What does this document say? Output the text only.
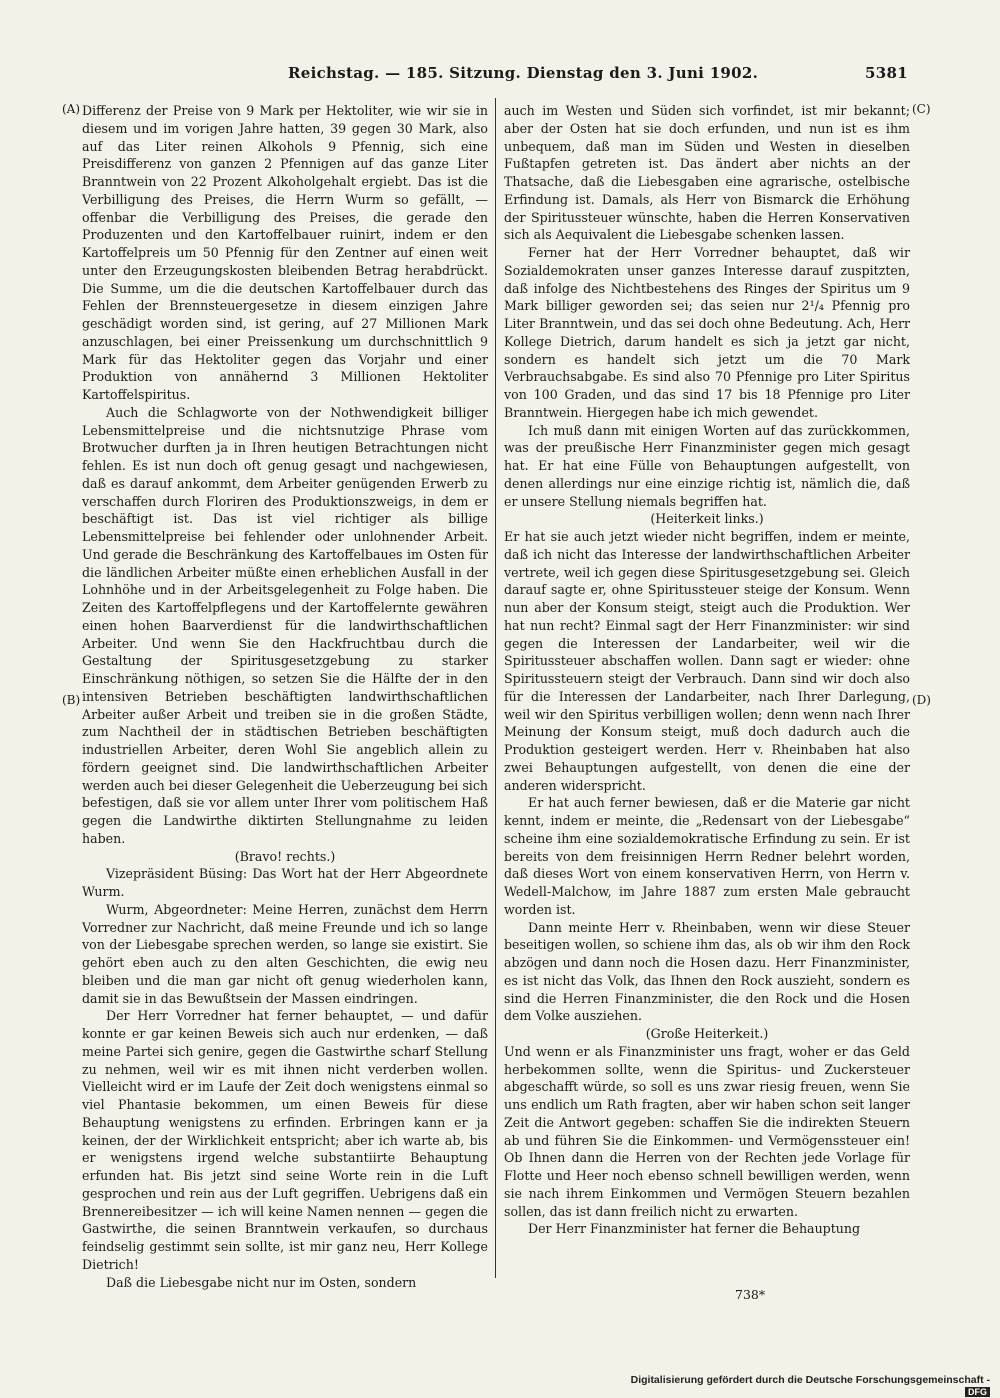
Reichstag. — 185. Sitzung. Dienstag den 3. Juni 1902.	5381
(A)
(B)
(C)
(D)

Differenz der Preise von 9 Mark per Hektoliter, wie wir sie in diesem und im vorigen Jahre hatten, 39 gegen 30 Mark, also auf das Liter reinen Alkohols 9 Pfennig, sich eine Preisdifferenz von ganzen 2 Pfennigen auf das ganze Liter Branntwein von 22 Prozent Alkoholgehalt ergiebt. Das ist die Verbilligung des Preises, die Herrn Wurm so gefällt, — offenbar die Verbilligung des Preises, die gerade den Produzenten und den Kartoffelbauer ruinirt, indem er den Kartoffelpreis um 50 Pfennig für den Zentner auf einen weit unter den Erzeugungskosten bleibenden Betrag herabdrückt. Die Summe, um die die deutschen Kartoffelbauer durch das Fehlen der Brennsteuergesetze in diesem einzigen Jahre geschädigt worden sind, ist gering, auf 27 Millionen Mark anzuschlagen, bei einer Preissenkung um durchschnittlich 9 Mark für das Hektoliter gegen das Vorjahr und einer Produktion von annähernd 3 Millionen Hektoliter Kartoffelspiritus.

Auch die Schlagworte von der Nothwendigkeit billiger Lebensmittelpreise und die nichtsnutzige Phrase vom Brotwucher durften ja in Ihren heutigen Betrachtungen nicht fehlen. Es ist nun doch oft genug gesagt und nachgewiesen, daß es darauf ankommt, dem Arbeiter genügenden Erwerb zu verschaffen durch Floriren des Produktionszweigs, in dem er beschäftigt ist. Das ist viel richtiger als billige Lebensmittelpreise bei fehlender oder unlohnender Arbeit. Und gerade die Beschränkung des Kartoffelbaues im Osten für die ländlichen Arbeiter müßte einen erheblichen Ausfall in der Lohnhöhe und in der Arbeitsgelegenheit zu Folge haben. Die Zeiten des Kartoffelpflegens und der Kartoffelernte gewähren einen hohen Baarverdienst für die landwirthschaftlichen Arbeiter. Und wenn Sie den Hackfruchtbau durch die Gestaltung der Spiritusgesetzgebung zu starker Einschränkung nöthigen, so setzen Sie die Hälfte der in den intensiven Betrieben beschäftigten landwirthschaftlichen Arbeiter außer Arbeit und treiben sie in die großen Städte, zum Nachtheil der in städtischen Betrieben beschäftigten industriellen Arbeiter, deren Wohl Sie angeblich allein zu fördern geeignet sind. Die landwirthschaftlichen Arbeiter werden auch bei dieser Gelegenheit die Ueberzeugung bei sich befestigen, daß sie vor allem unter Ihrer vom politischem Haß gegen die Landwirthe diktirten Stellungnahme zu leiden haben.

(Bravo! rechts.)

Vizepräsident Büsing: Das Wort hat der Herr Abgeordnete Wurm.

Wurm, Abgeordneter: Meine Herren, zunächst dem Herrn Vorredner zur Nachricht, daß meine Freunde und ich so lange von der Liebesgabe sprechen werden, so lange sie existirt. Sie gehört eben auch zu den alten Geschichten, die ewig neu bleiben und die man gar nicht oft genug wiederholen kann, damit sie in das Bewußtsein der Massen eindringen.

Der Herr Vorredner hat ferner behauptet, — und dafür konnte er gar keinen Beweis sich auch nur erdenken, — daß meine Partei sich genire, gegen die Gastwirthe scharf Stellung zu nehmen, weil wir es mit ihnen nicht verderben wollen. Vielleicht wird er im Laufe der Zeit doch wenigstens einmal so viel Phantasie bekommen, um einen Beweis für diese Behauptung wenigstens zu erfinden. Erbringen kann er ja keinen, der der Wirklichkeit entspricht; aber ich warte ab, bis er wenigstens irgend welche substantiirte Behauptung erfunden hat. Bis jetzt sind seine Worte rein in die Luft gesprochen und rein aus der Luft gegriffen. Uebrigens daß ein Brennereibesitzer — ich will keine Namen nennen — gegen die Gastwirthe, die seinen Branntwein verkaufen, so durchaus feindselig gestimmt sein sollte, ist mir ganz neu, Herr Kollege Dietrich!

Daß die Liebesgabe nicht nur im Osten, sondern

auch im Westen und Süden sich vorfindet, ist mir bekannt; aber der Osten hat sie doch erfunden, und nun ist es ihm unbequem, daß man im Süden und Westen in dieselben Fußtapfen getreten ist. Das ändert aber nichts an der Thatsache, daß die Liebesgaben eine agrarische, ostelbische Erfindung ist. Damals, als Herr von Bismarck die Erhöhung der Spiritussteuer wünschte, haben die Herren Konservativen sich als Aequivalent die Liebesgabe schenken lassen.

Ferner hat der Herr Vorredner behauptet, daß wir Sozialdemokraten unser ganzes Interesse darauf zuspitzten, daß infolge des Nichtbestehens des Ringes der Spiritus um 9 Mark billiger geworden sei; das seien nur 2¹/₄ Pfennig pro Liter Branntwein, und das sei doch ohne Bedeutung. Ach, Herr Kollege Dietrich, darum handelt es sich ja jetzt gar nicht, sondern es handelt sich jetzt um die 70 Mark Verbrauchsabgabe. Es sind also 70 Pfennige pro Liter Spiritus von 100 Graden, und das sind 17 bis 18 Pfennige pro Liter Branntwein. Hiergegen habe ich mich gewendet.

Ich muß dann mit einigen Worten auf das zurückkommen, was der preußische Herr Finanzminister gegen mich gesagt hat. Er hat eine Fülle von Behauptungen aufgestellt, von denen allerdings nur eine einzige richtig ist, nämlich die, daß er unsere Stellung niemals begriffen hat.

(Heiterkeit links.)

Er hat sie auch jetzt wieder nicht begriffen, indem er meinte, daß ich nicht das Interesse der landwirthschaftlichen Arbeiter vertrete, weil ich gegen diese Spiritusgesetzgebung sei. Gleich darauf sagte er, ohne Spiritussteuer steige der Konsum. Wenn nun aber der Konsum steigt, steigt auch die Produktion. Wer hat nun recht? Einmal sagt der Herr Finanzminister: wir sind gegen die Interessen der Landarbeiter, weil wir die Spiritussteuer abschaffen wollen. Dann sagt er wieder: ohne Spiritussteuern steigt der Verbrauch. Dann sind wir doch also für die Interessen der Landarbeiter, nach Ihrer Darlegung, weil wir den Spiritus verbilligen wollen; denn wenn nach Ihrer Meinung der Konsum steigt, muß doch dadurch auch die Produktion gesteigert werden. Herr v. Rheinbaben hat also zwei Behauptungen aufgestellt, von denen die eine der anderen widerspricht.

Er hat auch ferner bewiesen, daß er die Materie gar nicht kennt, indem er meinte, die „Redensart von der Liebesgabe“ scheine ihm eine sozialdemokratische Erfindung zu sein. Er ist bereits von dem freisinnigen Herrn Redner belehrt worden, daß dieses Wort von einem konservativen Herrn, von Herrn v. Wedell-Malchow, im Jahre 1887 zum ersten Male gebraucht worden ist.

Dann meinte Herr v. Rheinbaben, wenn wir diese Steuer beseitigen wollen, so schiene ihm das, als ob wir ihm den Rock abzögen und dann noch die Hosen dazu. Herr Finanzminister, es ist nicht das Volk, das Ihnen den Rock auszieht, sondern es sind die Herren Finanzminister, die den Rock und die Hosen dem Volke ausziehen.

(Große Heiterkeit.)

Und wenn er als Finanzminister uns fragt, woher er das Geld herbekommen sollte, wenn die Spiritus- und Zuckersteuer abgeschafft würde, so soll es uns zwar riesig freuen, wenn Sie uns endlich um Rath fragten, aber wir haben schon seit langer Zeit die Antwort gegeben: schaffen Sie die indirekten Steuern ab und führen Sie die Einkommen- und Vermögenssteuer ein! Ob Ihnen dann die Herren von der Rechten jede Vorlage für Flotte und Heer noch ebenso schnell bewilligen werden, wenn sie nach ihrem Einkommen und Vermögen Steuern bezahlen sollen, das ist dann freilich nicht zu erwarten.

Der Herr Finanzminister hat ferner die Behauptung

738*
Digitalisierung gefördert durch die Deutsche Forschungsgemeinschaft - DFG
